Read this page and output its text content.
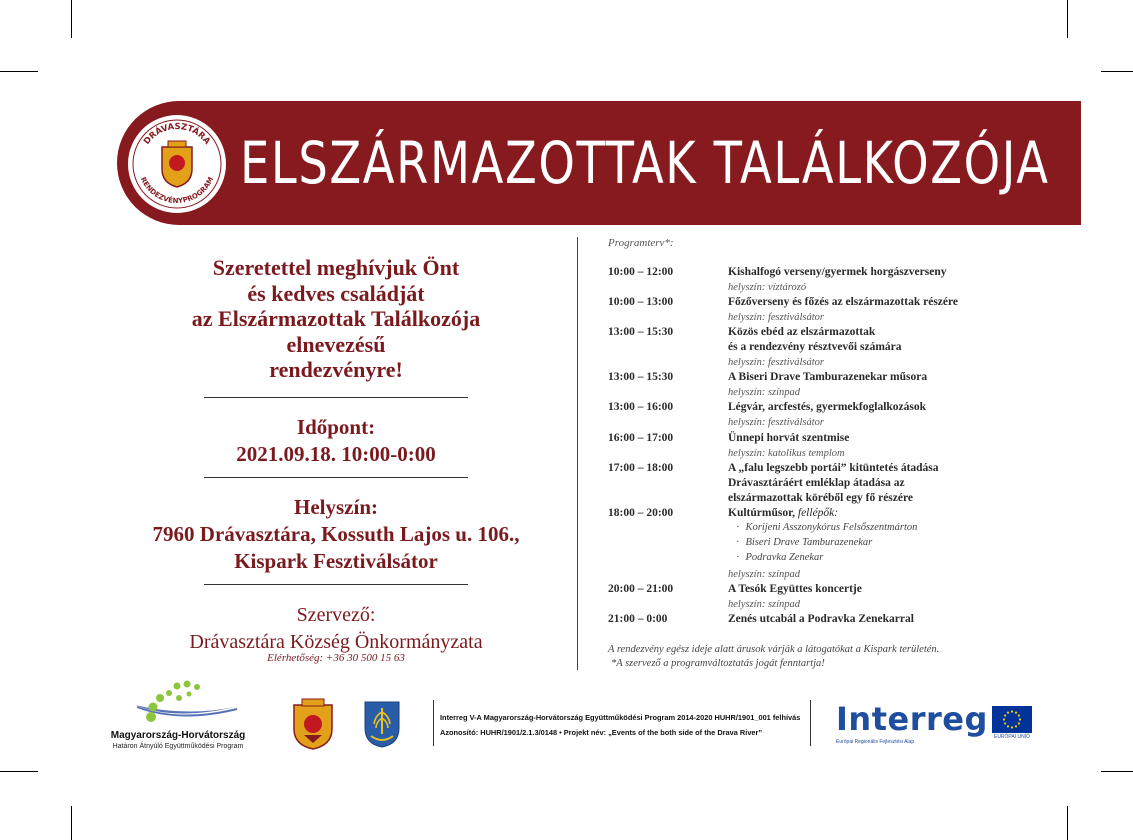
DRÁVASZTÁRA
RENDEZVÉNYPROGRAM ELSZÁRMAZOTTAK TALÁLKOZÓJA
Szeretettel meghívjuk Önt
és kedves családját
az Elszármazottak Találkozója
elnevezésű
rendezvényre!
Időpont:
2021.09.18. 10:00-0:00
Helyszín:
7960 Drávasztára, Kossuth Lajos u. 106.,
Kispark Fesztiválsátor
Szervező:
Drávasztára Község Önkormányzata
Elérhetőség: +36 30 500 15 63
Programterv*:
10:00 – 12:00	Kishalfogó verseny/gyermek horgászverseny
helyszín: víztározó
10:00 – 13:00	Főzőverseny és főzés az elszármazottak részére
helyszín: fesztiválsátor
13:00 – 15:30	Közös ebéd az elszármazottak
és a rendezvény résztvevői számára
helyszín: fesztiválsátor
13:00 – 15:30	A Biseri Drave Tamburazenekar műsora
helyszín: színpad
13:00 – 16:00	Légvár, arcfestés, gyermekfoglalkozások
helyszín: fesztiválsátor
16:00 – 17:00	Ünnepi horvát szentmise
helyszín: katolikus templom
17:00 – 18:00	A „falu legszebb portái” kitüntetés átadása
Drávasztáráért emléklap átadása az
elszármazottak köréből egy fő részére
18:00 – 20:00	Kultúrműsor, fellépők:
· Korijeni Asszonykórus Felsőszentmárton
· Biseri Drave Tamburazenekar
· Podravka Zenekar
helyszín: színpad
20:00 – 21:00	A Tesók Együttes koncertje
helyszín: színpad
21:00 – 0:00	Zenés utcabál a Podravka Zenekarral
A rendezvény egész ideje alatt árusok várják a látogatókat a Kispark területén.
*A szervező a programváltoztatás jogát fenntartja!
Magyarország-Horvátország
Határon Átnyúló Együttműködési Program
Interreg V-A Magyarország-Horvátország Együttműködési Program 2014-2020 HUHR/1901_001 felhívás
Azonosító: HUHR/1901/2.1.3/0148 • Projekt név: „Events of the both side of the Drava River”	Interreg
Európai Regionális Fejlesztési Alap
EURÓPAI UNIÓ
